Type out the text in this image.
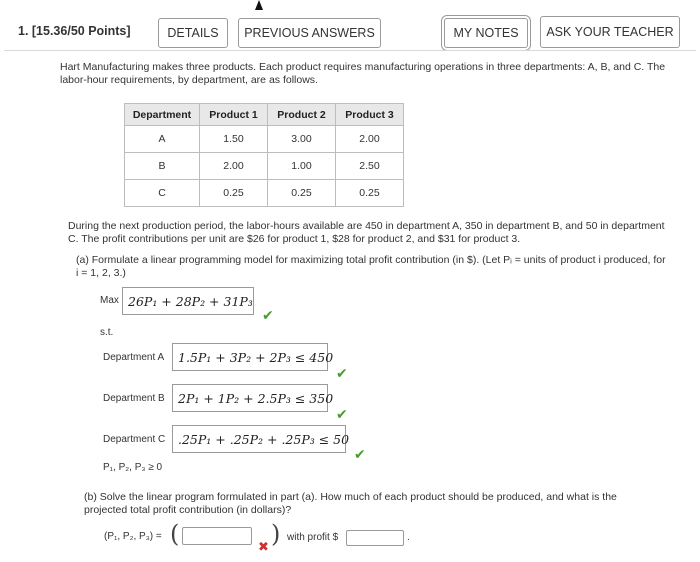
1. [15.36/50 Points]	DETAILS	PREVIOUS ANSWERS	MY NOTES	ASK YOUR TEACHER
Hart Manufacturing makes three products. Each product requires manufacturing operations in three departments: A, B, and C. The labor-hour requirements, by department, are as follows.
Department	Product 1	Product 2	Product 3
A	1.50	3.00	2.00
B	2.00	1.00	2.50
C	0.25	0.25	0.25
During the next production period, the labor-hours available are 450 in department A, 350 in department B, and 50 in department C. The profit contributions per unit are $26 for product 1, $28 for product 2, and $31 for product 3.
(a) Formulate a linear programming model for maximizing total profit contribution (in $). (Let Pᵢ = units of product i produced, for i = 1, 2, 3.)
Max 26P₁ + 28P₂ + 31P₃
✔
s.t.
Department A	1.5P₁ + 3P₂ + 2P₃ ≤ 450
✔
Department B	2P₁ + 1P₂ + 2.5P₃ ≤ 350
✔
Department C	.25P₁ + .25P₂ + .25P₃ ≤ 50
✔
P₁, P₂, P₃ ≥ 0
(b) Solve the linear program formulated in part (a). How much of each product should be produced, and what is the projected total profit contribution (in dollars)?
(P₁, P₂, P₃) = (	✖ ) with profit $	.
